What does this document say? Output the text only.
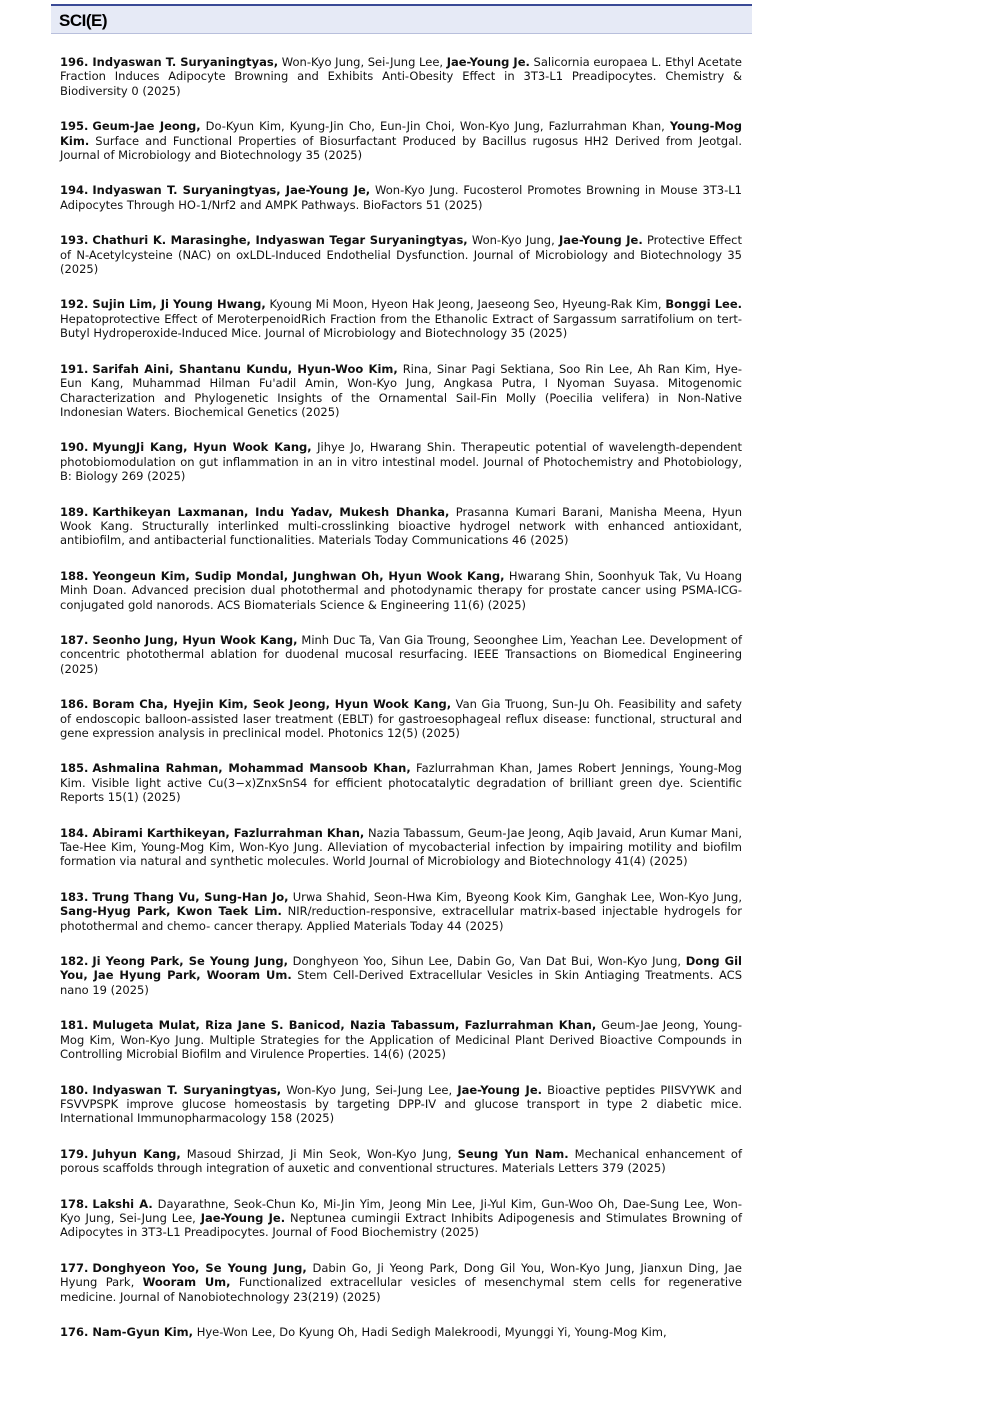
SCI(E)

196. Indyaswan T. Suryaningtyas, Won-Kyo Jung, Sei-Jung Lee, Jae-Young Je. Salicornia europaea L. Ethyl Acetate Fraction Induces Adipocyte Browning and Exhibits Anti-Obesity Effect in 3T3-L1 Preadipocytes. Chemistry & Biodiversity 0 (2025)

195. Geum-Jae Jeong, Do-Kyun Kim, Kyung-Jin Cho, Eun-Jin Choi, Won-Kyo Jung, Fazlurrahman Khan, Young-Mog Kim. Surface and Functional Properties of Biosurfactant Produced by Bacillus rugosus HH2 Derived from Jeotgal. Journal of Microbiology and Biotechnology 35 (2025)

194. Indyaswan T. Suryaningtyas, Jae-Young Je, Won-Kyo Jung. Fucosterol Promotes Browning in Mouse 3T3-L1 Adipocytes Through HO-1/Nrf2 and AMPK Pathways. BioFactors 51 (2025)

193. Chathuri K. Marasinghe, Indyaswan Tegar Suryaningtyas, Won-Kyo Jung, Jae-Young Je. Protective Effect of N-Acetylcysteine (NAC) on oxLDL-Induced Endothelial Dysfunction. Journal of Microbiology and Biotechnology 35 (2025)

192. Sujin Lim, Ji Young Hwang, Kyoung Mi Moon, Hyeon Hak Jeong, Jaeseong Seo, Hyeung-Rak Kim, Bonggi Lee. Hepatoprotective Effect of MeroterpenoidRich Fraction from the Ethanolic Extract of Sargassum sarratifolium on tert-Butyl Hydroperoxide-Induced Mice. Journal of Microbiology and Biotechnology 35 (2025)

191. Sarifah Aini, Shantanu Kundu, Hyun-Woo Kim, Rina, Sinar Pagi Sektiana, Soo Rin Lee, Ah Ran Kim, Hye-Eun Kang, Muhammad Hilman Fu'adil Amin, Won-Kyo Jung, Angkasa Putra, I Nyoman Suyasa. Mitogenomic Characterization and Phylogenetic Insights of the Ornamental Sail-Fin Molly (Poecilia velifera) in Non-Native Indonesian Waters. Biochemical Genetics (2025)

190. MyungJi Kang, Hyun Wook Kang, Jihye Jo, Hwarang Shin. Therapeutic potential of wavelength-dependent photobiomodulation on gut inflammation in an in vitro intestinal model. Journal of Photochemistry and Photobiology, B: Biology 269 (2025)

189. Karthikeyan Laxmanan, Indu Yadav, Mukesh Dhanka, Prasanna Kumari Barani, Manisha Meena, Hyun Wook Kang. Structurally interlinked multi-crosslinking bioactive hydrogel network with enhanced antioxidant, antibiofilm, and antibacterial functionalities. Materials Today Communications 46 (2025)

188. Yeongeun Kim, Sudip Mondal, Junghwan Oh, Hyun Wook Kang, Hwarang Shin, Soonhyuk Tak, Vu Hoang Minh Doan. Advanced precision dual photothermal and photodynamic therapy for prostate cancer using PSMA-ICG-conjugated gold nanorods. ACS Biomaterials Science & Engineering 11(6) (2025)

187. Seonho Jung, Hyun Wook Kang, Minh Duc Ta, Van Gia Troung, Seoonghee Lim, Yeachan Lee. Development of concentric photothermal ablation for duodenal mucosal resurfacing. IEEE Transactions on Biomedical Engineering (2025)

186. Boram Cha, Hyejin Kim, Seok Jeong, Hyun Wook Kang, Van Gia Truong, Sun-Ju Oh. Feasibility and safety of endoscopic balloon-assisted laser treatment (EBLT) for gastroesophageal reflux disease: functional, structural and gene expression analysis in preclinical model. Photonics 12(5) (2025)

185. Ashmalina Rahman, Mohammad Mansoob Khan, Fazlurrahman Khan, James Robert Jennings, Young-Mog Kim. Visible light active Cu(3−x)ZnxSnS4 for efficient photocatalytic degradation of brilliant green dye. Scientific Reports 15(1) (2025)

184. Abirami Karthikeyan, Fazlurrahman Khan, Nazia Tabassum, Geum-Jae Jeong, Aqib Javaid, Arun Kumar Mani, Tae-Hee Kim, Young-Mog Kim, Won-Kyo Jung. Alleviation of mycobacterial infection by impairing motility and biofilm formation via natural and synthetic molecules. World Journal of Microbiology and Biotechnology 41(4) (2025)

183. Trung Thang Vu, Sung-Han Jo, Urwa Shahid, Seon-Hwa Kim, Byeong Kook Kim, Ganghak Lee, Won-Kyo Jung, Sang-Hyug Park, Kwon Taek Lim. NIR/reduction-responsive, extracellular matrix-based injectable hydrogels for photothermal and chemo- cancer therapy. Applied Materials Today 44 (2025)

182. Ji Yeong Park, Se Young Jung, Donghyeon Yoo, Sihun Lee, Dabin Go, Van Dat Bui, Won-Kyo Jung, Dong Gil You, Jae Hyung Park, Wooram Um. Stem Cell-Derived Extracellular Vesicles in Skin Antiaging Treatments. ACS nano 19 (2025)

181. Mulugeta Mulat, Riza Jane S. Banicod, Nazia Tabassum, Fazlurrahman Khan, Geum-Jae Jeong, Young-Mog Kim, Won-Kyo Jung. Multiple Strategies for the Application of Medicinal Plant Derived Bioactive Compounds in Controlling Microbial Biofilm and Virulence Properties. 14(6) (2025)

180. Indyaswan T. Suryaningtyas, Won-Kyo Jung, Sei-Jung Lee, Jae-Young Je. Bioactive peptides PIISVYWK and FSVVPSPK improve glucose homeostasis by targeting DPP-IV and glucose transport in type 2 diabetic mice. International Immunopharmacology 158 (2025)

179. Juhyun Kang, Masoud Shirzad, Ji Min Seok, Won-Kyo Jung, Seung Yun Nam. Mechanical enhancement of porous scaffolds through integration of auxetic and conventional structures. Materials Letters 379 (2025)

178. Lakshi A. Dayarathne, Seok-Chun Ko, Mi-Jin Yim, Jeong Min Lee, Ji-Yul Kim, Gun-Woo Oh, Dae-Sung Lee, Won-Kyo Jung, Sei-Jung Lee, Jae-Young Je. Neptunea cumingii Extract Inhibits Adipogenesis and Stimulates Browning of Adipocytes in 3T3-L1 Preadipocytes. Journal of Food Biochemistry (2025)

177. Donghyeon Yoo, Se Young Jung, Dabin Go, Ji Yeong Park, Dong Gil You, Won-Kyo Jung, Jianxun Ding, Jae Hyung Park, Wooram Um, Functionalized extracellular vesicles of mesenchymal stem cells for regenerative medicine. Journal of Nanobiotechnology 23(219) (2025)

176. Nam-Gyun Kim, Hye-Won Lee, Do Kyung Oh, Hadi Sedigh Malekroodi, Myunggi Yi, Young-Mog Kim,
